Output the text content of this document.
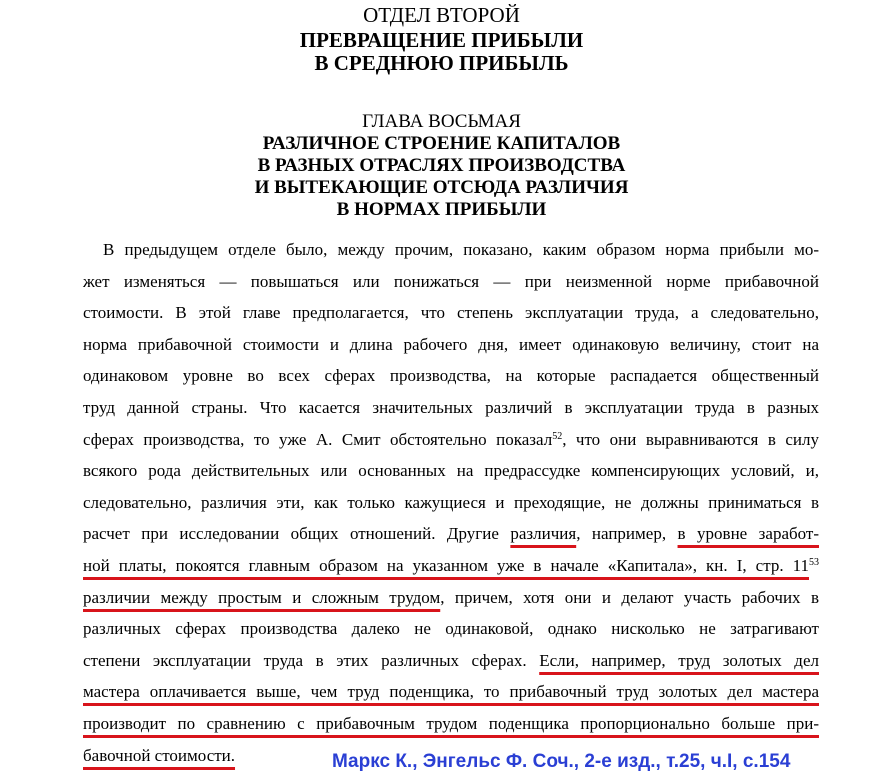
ОТДЕЛ ВТОРОЙ
ПРЕВРАЩЕНИЕ ПРИБЫЛИ
В СРЕДНЮЮ ПРИБЫЛЬ
ГЛАВА ВОСЬМАЯ
РАЗЛИЧНОЕ СТРОЕНИЕ КАПИТАЛОВ
В РАЗНЫХ ОТРАСЛЯХ ПРОИЗВОДСТВА
И ВЫТЕКАЮЩИЕ ОТСЮДА РАЗЛИЧИЯ
В НОРМАХ ПРИБЫЛИ
В предыдущем отделе было, между прочим, показано, каким образом норма прибыли мо-
жет изменяться — повышаться или понижаться — при неизменной норме прибавочной
стоимости. В этой главе предполагается, что степень эксплуатации труда, а следовательно,
норма прибавочной стоимости и длина рабочего дня, имеет одинаковую величину, стоит на
одинаковом уровне во всех сферах производства, на которые распадается общественный
труд данной страны. Что касается значительных различий в эксплуатации труда в разных
сферах производства, то уже А. Смит обстоятельно показал$^{52}$, что они выравниваются в силу
всякого рода действительных или основанных на предрассудке компенсирующих условий, и,
следовательно, различия эти, как только кажущиеся и преходящие, не должны приниматься в
расчет при исследовании общих отношений. Другие различия, например, в уровне заработ-
ной платы, покоятся главным образом на указанном уже в начале «Капитала», кн. I, стр. $11^{53}$
различии между простым и сложным трудом, причем, хотя они и делают участь рабочих в
различных сферах производства далеко не одинаковой, однако нисколько не затрагивают
степени эксплуатации труда в этих различных сферах. Если, например, труд золотых дел
мастера оплачивается выше, чем труд поденщика, то прибавочный труд золотых дел мастера
производит по сравнению с прибавочным трудом поденщика пропорционально больше при-
бавочной стоимости.	Маркс К., Энгельс Ф. Соч., 2-е изд., т.25, ч.I, с.154
